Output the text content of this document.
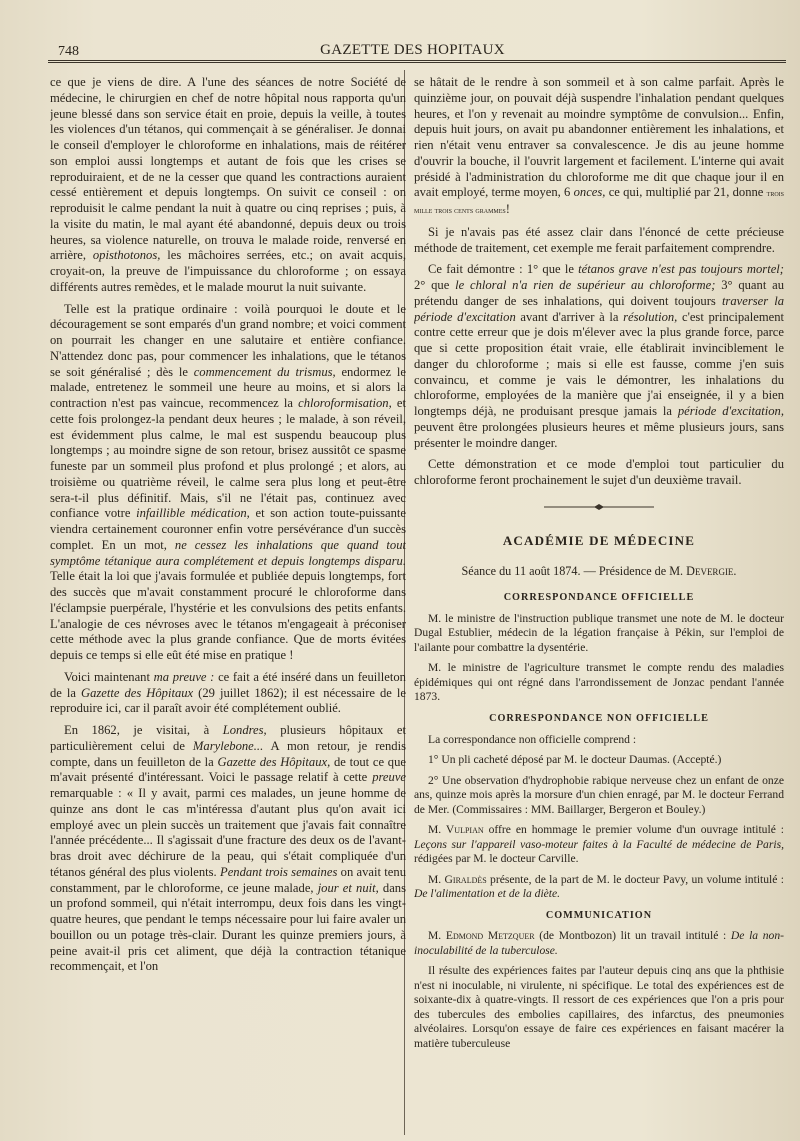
748	GAZETTE DES HOPITAUX

ce que je viens de dire. A l'une des séances de notre Société de médecine, le chirurgien en chef de notre hôpital nous rapporta qu'un jeune blessé dans son service était en proie, depuis la veille, à toutes les violences d'un tétanos, qui commençait à se généraliser. Je donnai le conseil d'employer le chloroforme en inhalations, mais de réitérer son emploi aussi longtemps et autant de fois que les crises se reproduiraient, et de ne la cesser que quand les contractions auraient cessé entièrement et depuis longtemps. On suivit ce conseil : on reproduisit le calme pendant la nuit à quatre ou cinq reprises ; puis, à la visite du matin, le mal ayant été abandonné, depuis deux ou trois heures, sa violence naturelle, on trouva le malade roide, renversé en arrière, opisthotonos, les mâchoires serrées, etc.; on avait acquis, croyait-on, la preuve de l'impuissance du chloroforme ; on essaya différents autres remèdes, et le malade mourut la nuit suivante.

Telle est la pratique ordinaire : voilà pourquoi le doute et le découragement se sont emparés d'un grand nombre; et voici comment on pourrait les changer en une salutaire et entière confiance. N'attendez donc pas, pour commencer les inhalations, que le tétanos se soit généralisé ; dès le commencement du trismus, endormez le malade, entretenez le sommeil une heure au moins, et si alors la contraction n'est pas vaincue, recommencez la chloroformisation, et cette fois prolongez-la pendant deux heures ; le malade, à son réveil, est évidemment plus calme, le mal est suspendu beaucoup plus longtemps ; au moindre signe de son retour, brisez aussitôt ce spasme funeste par un sommeil plus profond et plus prolongé ; et alors, au troisième ou quatrième réveil, le calme sera plus long et peut-être sera-t-il plus définitif. Mais, s'il ne l'était pas, continuez avec confiance votre infaillible médication, et son action toute-puissante viendra certainement couronner enfin votre persévérance d'un succès complet. En un mot, ne cessez les inhalations que quand tout symptôme tétanique aura complétement et depuis longtemps disparu. Telle était la loi que j'avais formulée et publiée depuis longtemps, fort des succès que m'avait constamment procuré le chloroforme dans l'éclampsie puerpérale, l'hystérie et les convulsions des petits enfants. L'analogie de ces névroses avec le tétanos m'engageait à préconiser cette méthode avec la plus grande confiance. Que de morts évitées depuis ce temps si elle eût été mise en pratique !

Voici maintenant ma preuve : ce fait a été inséré dans un feuilleton de la Gazette des Hôpitaux (29 juillet 1862); il est nécessaire de le reproduire ici, car il paraît avoir été complétement oublié.

En 1862, je visitai, à Londres, plusieurs hôpitaux et particulièrement celui de Marylebone... A mon retour, je rendis compte, dans un feuilleton de la Gazette des Hôpitaux, de tout ce que m'avait présenté d'intéressant. Voici le passage relatif à cette preuve remarquable : « Il y avait, parmi ces malades, un jeune homme de quinze ans dont le cas m'intéressa d'autant plus qu'on avait ici employé avec un plein succès un traitement que j'avais fait connaître l'année précédente... Il s'agissait d'une fracture des deux os de l'avant-bras droit avec déchirure de la peau, qui s'était compliquée d'un tétanos général des plus violents. Pendant trois semaines on avait tenu constamment, par le chloroforme, ce jeune malade, jour et nuit, dans un profond sommeil, qui n'était interrompu, deux fois dans les vingt-quatre heures, que pendant le temps nécessaire pour lui faire avaler un bouillon ou un potage très-clair. Durant les quinze premiers jours, à peine avait-il pris cet aliment, que déjà la contraction tétanique recommençait, et l'on

se hâtait de le rendre à son sommeil et à son calme parfait. Après le quinzième jour, on pouvait déjà suspendre l'inhalation pendant quelques heures, et l'on y revenait au moindre symptôme de convulsion... Enfin, depuis huit jours, on avait pu abandonner entièrement les inhalations, et rien n'était venu entraver sa convalescence. Je dis au jeune homme d'ouvrir la bouche, il l'ouvrit largement et facilement. L'interne qui avait présidé à l'administration du chloroforme me dit que chaque jour il en avait employé, terme moyen, 6 onces, ce qui, multiplié par 21, donne trois mille trois cents grammes!

Si je n'avais pas été assez clair dans l'énoncé de cette précieuse méthode de traitement, cet exemple me ferait parfaitement comprendre.

Ce fait démontre : 1° que le tétanos grave n'est pas toujours mortel; 2° que le chloral n'a rien de supérieur au chloroforme; 3° quant au prétendu danger de ses inhalations, qui doivent toujours traverser la période d'excitation avant d'arriver à la résolution, c'est principalement contre cette erreur que je dois m'élever avec la plus grande force, parce que si cette proposition était vraie, elle établirait invinciblement le danger du chloroforme ; mais si elle est fausse, comme j'en suis convaincu, et comme je vais le démontrer, les inhalations du chloroforme, employées de la manière que j'ai enseignée, il y a bien longtemps déjà, ne produisant presque jamais la période d'excitation, peuvent être prolongées plusieurs heures et même plusieurs jours, sans présenter le moindre danger.

Cette démonstration et ce mode d'emploi tout particulier du chloroforme feront prochainement le sujet d'un deuxième travail.

ACADÉMIE DE MÉDECINE
Séance du 11 août 1874. — Présidence de M. Devergie.
CORRESPONDANCE OFFICIELLE

M. le ministre de l'instruction publique transmet une note de M. le docteur Dugal Estublier, médecin de la légation française à Pékin, sur l'emploi de l'ailante pour combattre la dysentérie.

M. le ministre de l'agriculture transmet le compte rendu des maladies épidémiques qui ont régné dans l'arrondissement de Jonzac pendant l'année 1873.

CORRESPONDANCE NON OFFICIELLE

La correspondance non officielle comprend :

1° Un pli cacheté déposé par M. le docteur Daumas. (Accepté.)

2° Une observation d'hydrophobie rabique nerveuse chez un enfant de onze ans, quinze mois après la morsure d'un chien enragé, par M. le docteur Ferrand de Mer. (Commissaires : MM. Baillarger, Bergeron et Bouley.)

M. Vulpian offre en hommage le premier volume d'un ouvrage intitulé : Leçons sur l'appareil vaso-moteur faites à la Faculté de médecine de Paris, rédigées par M. le docteur Carville.

M. Giraldès présente, de la part de M. le docteur Pavy, un volume intitulé : De l'alimentation et de la diète.

COMMUNICATION

M. Edmond Metzquer (de Montbozon) lit un travail intitulé : De la non-inoculabilité de la tuberculose.

Il résulte des expériences faites par l'auteur depuis cinq ans que la phthisie n'est ni inoculable, ni virulente, ni spécifique. Le total des expériences est de soixante-dix à quatre-vingts. Il ressort de ces expériences que l'on a pris pour des tubercules des embolies capillaires, des infarctus, des pneumonies alvéolaires. Lorsqu'on essaye de faire ces expériences en faisant macérer la matière tuberculeuse
